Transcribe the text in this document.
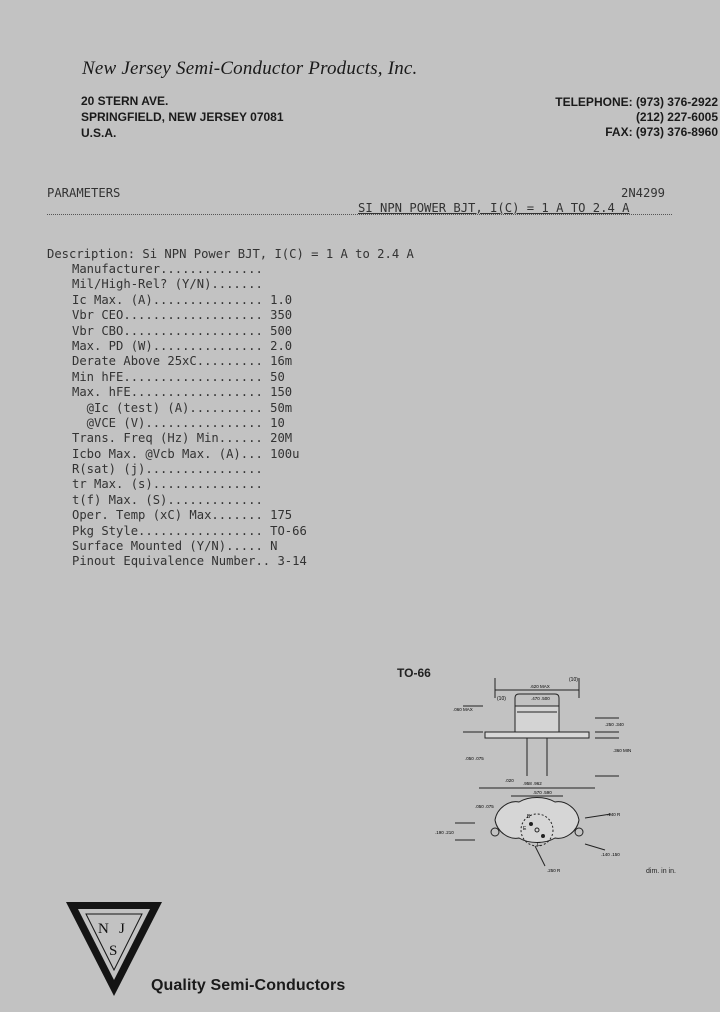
New Jersey Semi-Conductor Products, Inc.
20 STERN AVE.
SPRINGFIELD, NEW JERSEY 07081
U.S.A.
TELEPHONE: (973) 376-2922
(212) 227-6005
FAX: (973) 376-8960
PARAMETERS	2N4299
SI NPN POWER BJT, I(C) = 1 A TO 2.4 A
Description: Si NPN Power BJT, I(C) = 1 A to 2.4 A
Manufacturer..............
Mil/High-Rel? (Y/N).......
Ic Max. (A)............... 1.0
Vbr CEO................... 350
Vbr CBO................... 500
Max. PD (W)............... 2.0
Derate Above 25xC......... 16m
Min hFE................... 50
Max. hFE.................. 150
@Ic (test) (A).......... 50m
@VCE (V)................ 10
Trans. Freq (Hz) Min...... 20M
Icbo Max. @Vcb Max. (A)... 100u
R(sat) (j)................
tr Max. (s)...............
t(f) Max. (S).............
Oper. Temp (xC) Max....... 175
Pkg Style................. TO-66
Surface Mounted (Y/N)..... N
Pinout Equivalence Number.. 3-14
TO-66
(10)
(10)
.620 MAX
.470 .500
.060 MAX
.250 .340
.020
.050 .075
.360 MIN
B
E
C
.958 .962
.570 .590
.050 .075
.190 .210
.140 R
.140 .150
.250 R	dim. in in.
N J
S
Quality Semi-Conductors
